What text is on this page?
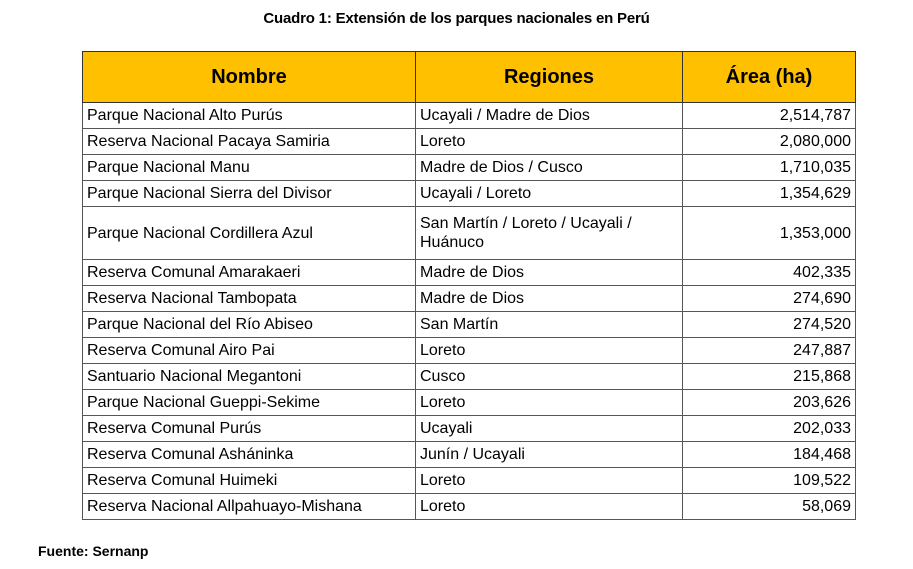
Cuadro 1: Extensión de los parques nacionales en Perú
Nombre	Regiones	Área (ha)
Parque Nacional Alto Purús	Ucayali / Madre de Dios	2,514,787
Reserva Nacional Pacaya Samiria	Loreto	2,080,000
Parque Nacional Manu	Madre de Dios / Cusco	1,710,035
Parque Nacional Sierra del Divisor	Ucayali / Loreto	1,354,629
Parque Nacional Cordillera Azul	San Martín / Loreto / Ucayali / Huánuco	1,353,000
Reserva Comunal Amarakaeri	Madre de Dios	402,335
Reserva Nacional Tambopata	Madre de Dios	274,690
Parque Nacional del Río Abiseo	San Martín	274,520
Reserva Comunal Airo Pai	Loreto	247,887
Santuario Nacional Megantoni	Cusco	215,868
Parque Nacional Gueppi-Sekime	Loreto	203,626
Reserva Comunal Purús	Ucayali	202,033
Reserva Comunal Asháninka	Junín / Ucayali	184,468
Reserva Comunal Huimeki	Loreto	109,522
Reserva Nacional Allpahuayo-Mishana	Loreto	58,069
Fuente: Sernanp
